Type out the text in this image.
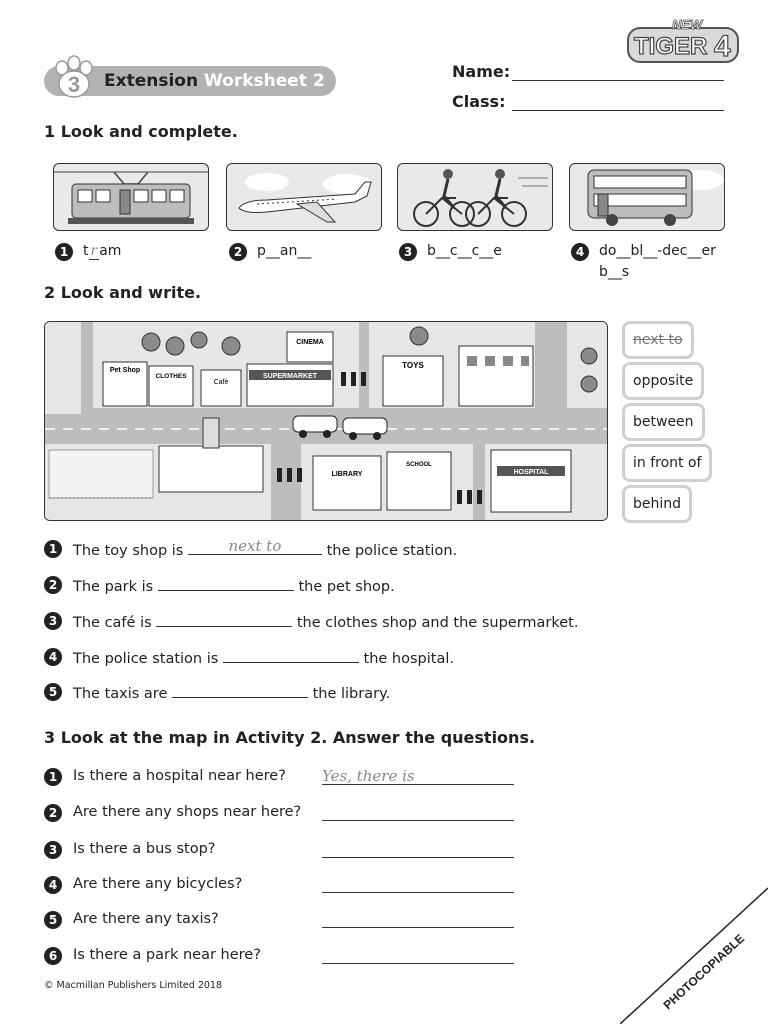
3 Extension Worksheet 2	Name:
Class:
NEW
TIGER 4
1 Look and complete.
1	t r am	2	p__an__	3	b__c__c__e	4	do__bl__-dec__er
b__s
2 Look and write.
Pet Shop
CLOTHES
Café
SUPERMARKET
CINEMA
TOYS
LIBRARY
SCHOOL
HOSPITAL
next to
opposite
between
in front of
behind
1	The toy shop is	next to	the police station.
2	The park is	the pet shop.
3	The café is	the clothes shop and the supermarket.
4	The police station is	the hospital.
5	The taxis are	the library.
3 Look at the map in Activity 2. Answer the questions.
1	Is there a hospital near here? Yes, there is
2	Are there any shops near here?
3	Is there a bus stop?
4	Are there any bicycles?
5	Are there any taxis?
6	Is there a park near here?
© Macmillan Publishers Limited 2018	PHOTOCOPIABLE
